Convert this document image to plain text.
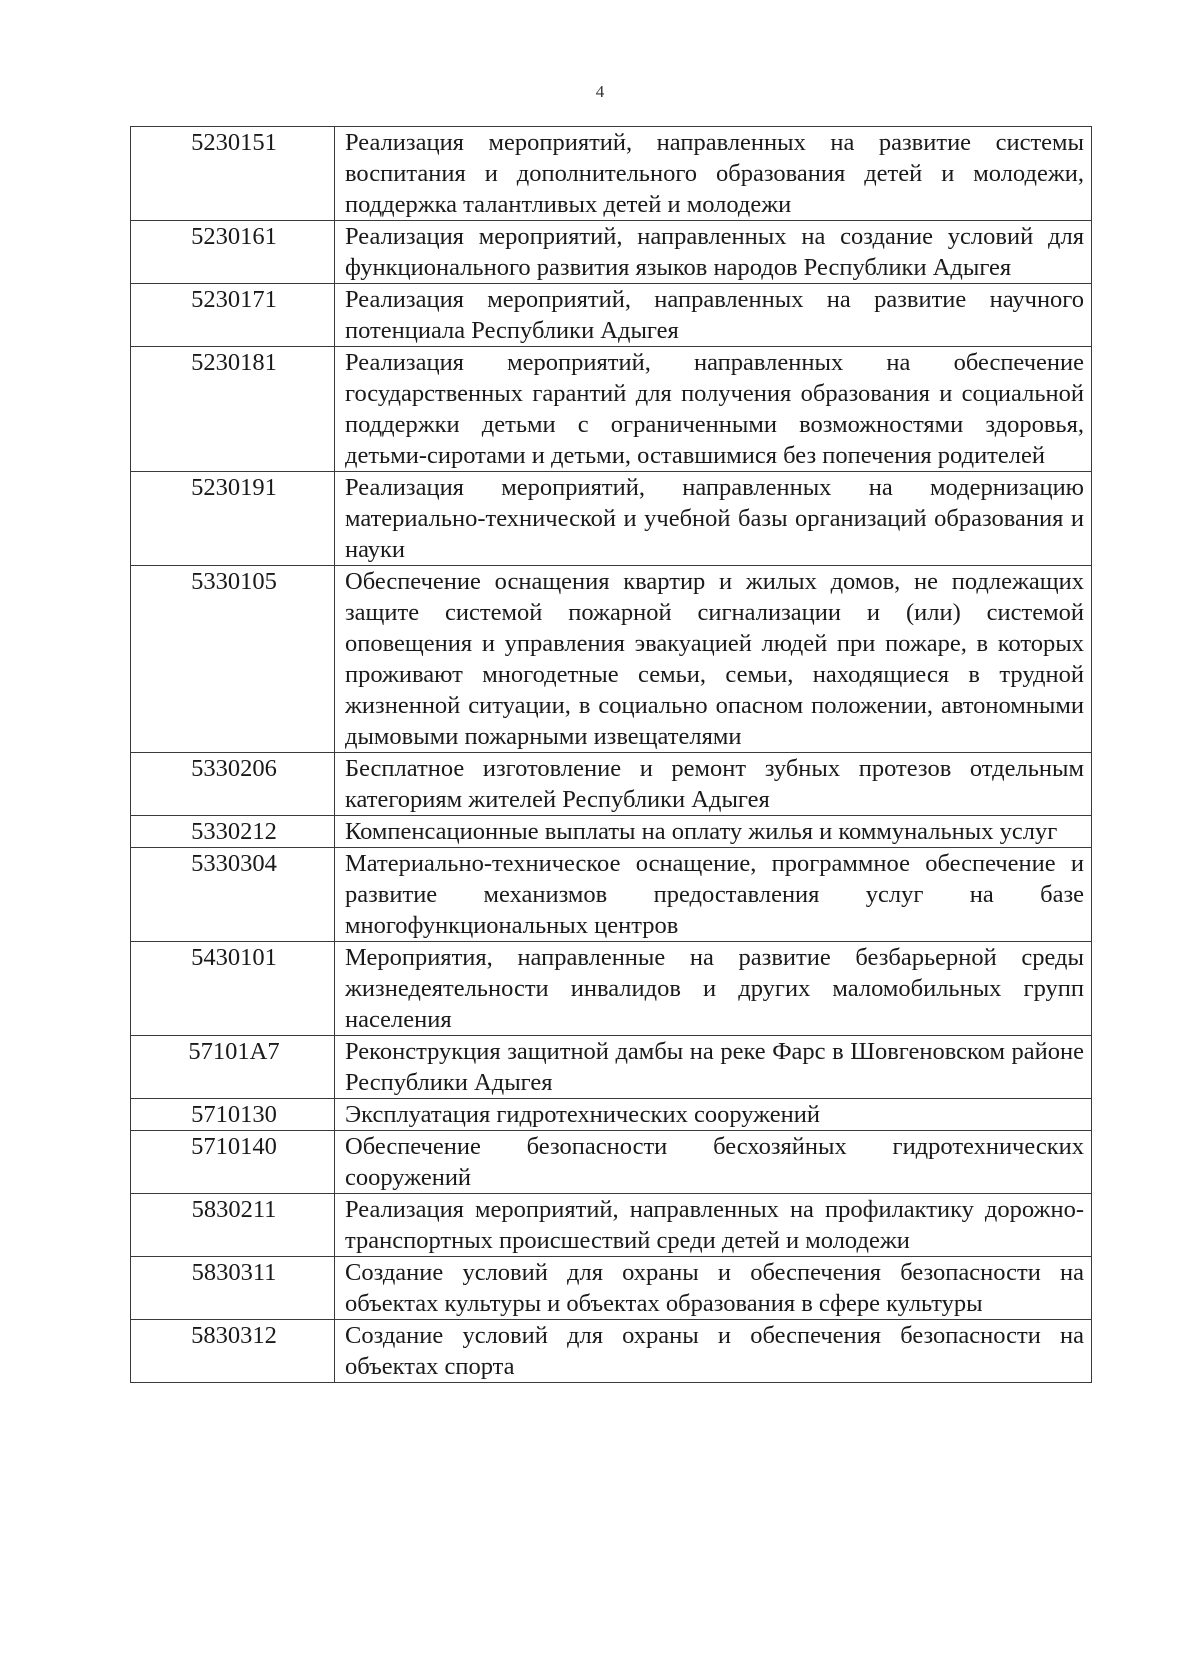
4
5230151	Реализация мероприятий, направленных на развитие системы воспитания и дополнительного образования детей и молодежи, поддержка талантливых детей и молодежи
5230161	Реализация мероприятий, направленных на создание условий для функционального развития языков народов Республики Адыгея
5230171	Реализация мероприятий, направленных на развитие научного потенциала Республики Адыгея
5230181	Реализация мероприятий, направленных на обеспечение государственных гарантий для получения образования и социальной поддержки детьми с ограниченными возможностями здоровья, детьми-сиротами и детьми, оставшимися без попечения родителей
5230191	Реализация мероприятий, направленных на модернизацию материально-технической и учебной базы организаций образования и науки
5330105	Обеспечение оснащения квартир и жилых домов, не подлежащих защите системой пожарной сигнализации и (или) системой оповещения и управления эвакуацией людей при пожаре, в которых проживают многодетные семьи, семьи, находящиеся в трудной жизненной ситуации, в социально опасном положении, автономными дымовыми пожарными извещателями
5330206	Бесплатное изготовление и ремонт зубных протезов отдельным категориям жителей Республики Адыгея
5330212	Компенсационные выплаты на оплату жилья и коммунальных услуг
5330304	Материально-техническое оснащение, программное обеспечение и развитие механизмов предоставления услуг на базе многофункциональных центров
5430101	Мероприятия, направленные на развитие безбарьерной среды жизнедеятельности инвалидов и других маломобильных групп населения
57101A7	Реконструкция защитной дамбы на реке Фарс в Шовгеновском районе Республики Адыгея
5710130	Эксплуатация гидротехнических сооружений
5710140	Обеспечение безопасности бесхозяйных гидротехнических сооружений
5830211	Реализация мероприятий, направленных на профилактику дорожно-транспортных происшествий среди детей и молодежи
5830311	Создание условий для охраны и обеспечения безопасности на объектах культуры и объектах образования в сфере культуры
5830312	Создание условий для охраны и обеспечения безопасности на объектах спорта
